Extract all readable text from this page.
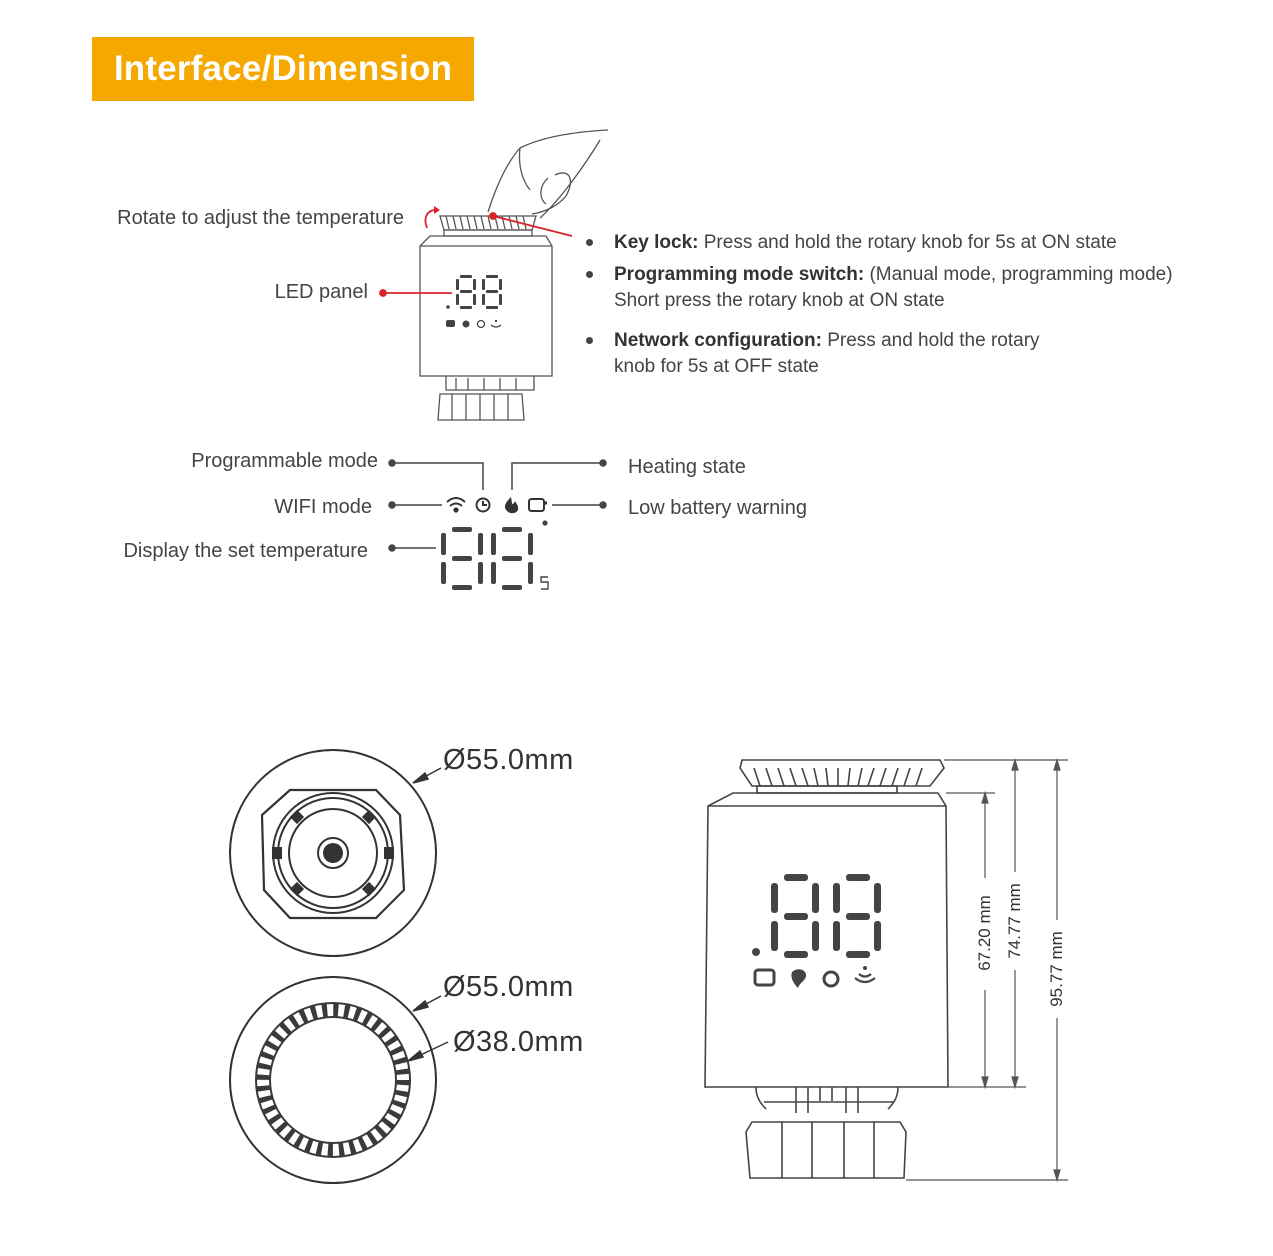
Interface/Dimension
Rotate to adjust the temperature
LED panel
Key lock: Press and hold the rotary knob for 5s at ON state
Programming mode switch: (Manual mode, programming mode)
Short press the rotary knob at ON state
Network configuration: Press and hold the rotary
knob for 5s at OFF state
Programmable mode
WIFI mode
Display the set temperature
Heating state
Low battery warning
Ø55.0mm
Ø55.0mm
Ø38.0mm
67.20 mm 74.77 mm
95.77 mm
